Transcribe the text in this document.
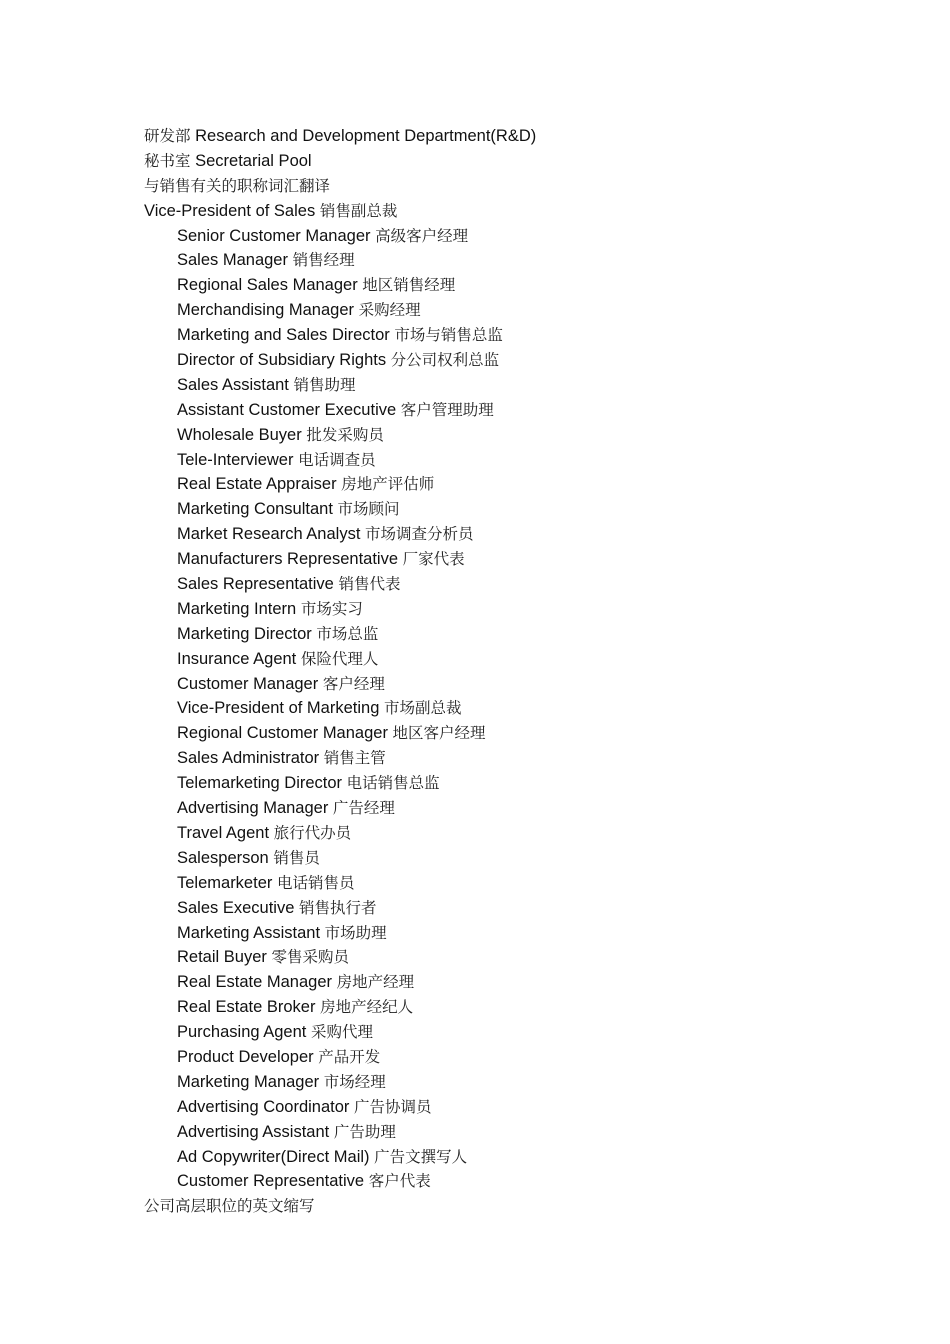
研发部 Research and Development Department(R&D)
秘书室 Secretarial Pool
与销售有关的职称词汇翻译
Vice-President of Sales 销售副总裁
Senior Customer Manager 高级客户经理
Sales Manager 销售经理
Regional Sales Manager 地区销售经理
Merchandising Manager 采购经理
Marketing and Sales Director 市场与销售总监
Director of Subsidiary Rights 分公司权利总监
Sales Assistant 销售助理
Assistant Customer Executive 客户管理助理
Wholesale Buyer 批发采购员
Tele-Interviewer 电话调查员
Real Estate Appraiser 房地产评估师
Marketing Consultant 市场顾问
Market Research Analyst 市场调查分析员
Manufacturers Representative 厂家代表
Sales Representative 销售代表
Marketing Intern 市场实习
Marketing Director 市场总监
Insurance Agent 保险代理人
Customer Manager 客户经理
Vice-President of Marketing 市场副总裁
Regional Customer Manager 地区客户经理
Sales Administrator 销售主管
Telemarketing Director 电话销售总监
Advertising Manager 广告经理
Travel Agent 旅行代办员
Salesperson 销售员
Telemarketer 电话销售员
Sales Executive 销售执行者
Marketing Assistant 市场助理
Retail Buyer 零售采购员
Real Estate Manager 房地产经理
Real Estate Broker 房地产经纪人
Purchasing Agent 采购代理
Product Developer 产品开发
Marketing Manager 市场经理
Advertising Coordinator 广告协调员
Advertising Assistant 广告助理
Ad Copywriter(Direct Mail) 广告文撰写人
Customer Representative 客户代表
公司高层职位的英文缩写
